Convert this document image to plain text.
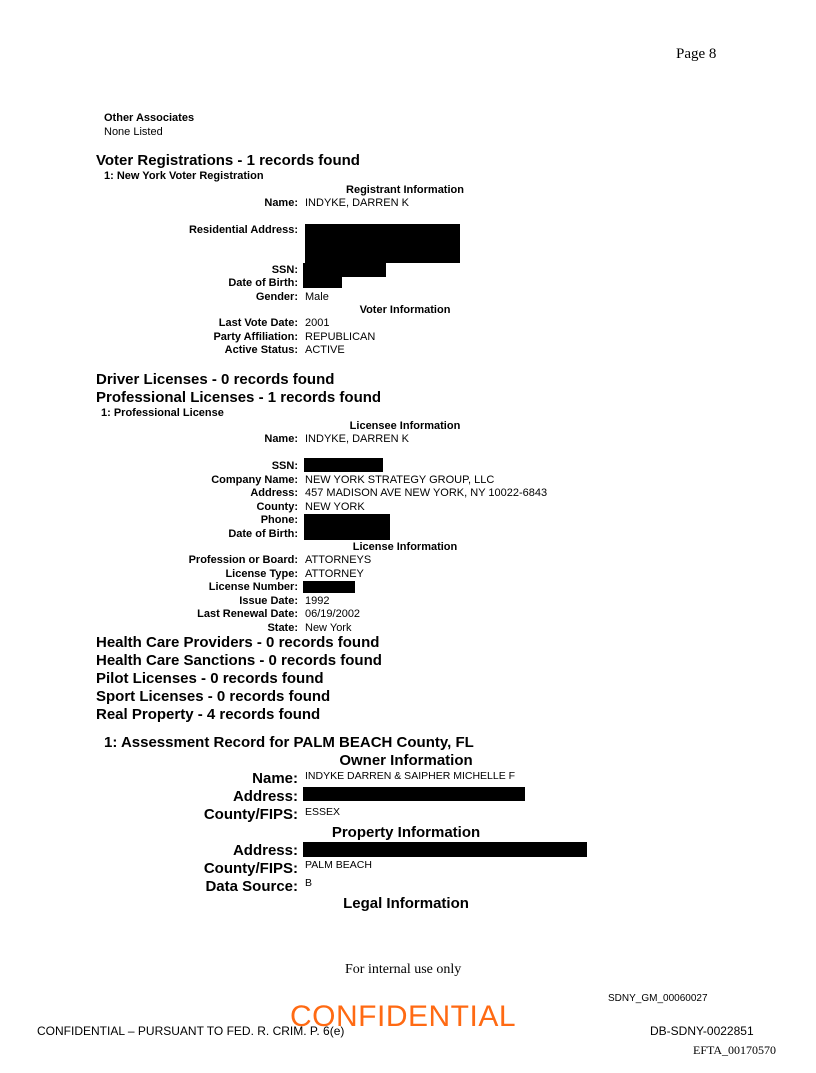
Page 8
Other Associates
None Listed
Voter Registrations - 1 records found
1: New York Voter Registration
Registrant Information
Name: INDYKE, DARREN K
Residential Address:
SSN:
Date of Birth:
Gender: Male
Voter Information
Last Vote Date: 2001
Party Affiliation: REPUBLICAN
Active Status: ACTIVE
Driver Licenses - 0 records found
Professional Licenses - 1 records found
1: Professional License
Licensee Information
Name: INDYKE, DARREN K
SSN:
Company Name: NEW YORK STRATEGY GROUP, LLC
Address: 457 MADISON AVE NEW YORK, NY 10022-6843
County: NEW YORK
Phone:
Date of Birth:
License Information
Profession or Board: ATTORNEYS
License Type: ATTORNEY
License Number:
Issue Date: 1992
Last Renewal Date: 06/19/2002
State: New York
Health Care Providers - 0 records found
Health Care Sanctions - 0 records found
Pilot Licenses - 0 records found
Sport Licenses - 0 records found
Real Property - 4 records found
1: Assessment Record for PALM BEACH County, FL
Owner Information
Name: INDYKE DARREN & SAIPHER MICHELLE F
Address:
County/FIPS: ESSEX
Property Information
Address:
County/FIPS: PALM BEACH
Data Source: B
Legal Information
For internal use only
SDNY_GM_00060027
CONFIDENTIAL – PURSUANT TO FED. R. CRIM. P. 6(e)
CONFIDENTIAL	DB-SDNY-0022851
EFTA_00170570
